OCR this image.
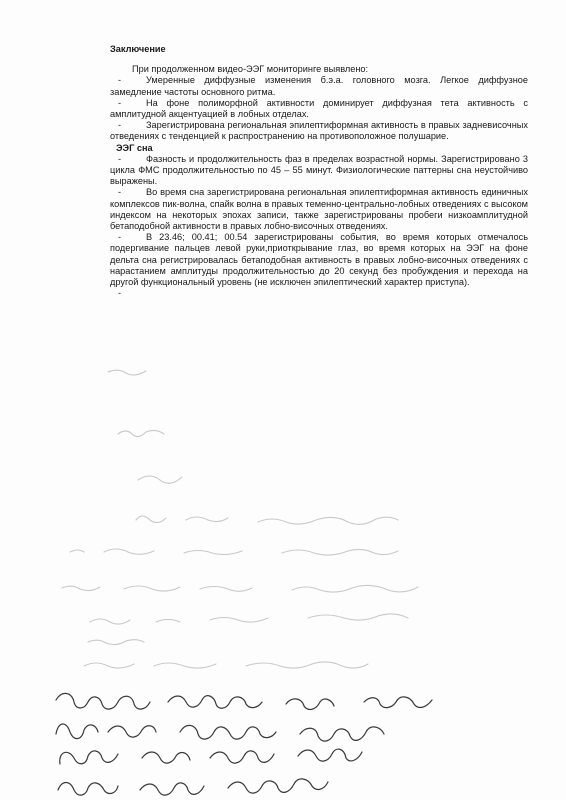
Заключение

При продолженном видео-ЭЭГ мониторинге выявлено:

-	Умеренные диффузные изменения б.э.а. головного мозга. Легкое диффузное замедление частоты основного ритма.

-	На фоне полиморфной активности доминирует диффузная тета активность с амплитудной акцентуацией в лобных отделах.

-	Зарегистрирована региональная эпилептиформная активность в правых задневисочных отведениях с тенденцией к распространению на противоположное полушарие.

ЭЭГ сна

-	Фазность и продолжительность фаз в пределах возрастной нормы. Зарегистрировано 3 цикла ФМС продолжительностью по 45 – 55 минут. Физиологические паттерны сна неустойчиво выражены.

-	Во время сна зарегистрирована региональная эпилептиформная активность единичных комплексов пик-волна, спайк волна в правых теменно-центрально-лобных отведениях с высоком индексом на некоторых эпохах записи, также зарегистрированы пробеги низкоамплитудной бетаподобной активности в правых лобно-височных отведениях.

-	В 23.46; 00.41; 00.54 зарегистрированы события, во время которых отмечалось подергивание пальцев левой руки,приоткрывание глаз, во время которых на ЭЭГ на фоне дельта сна регистрировалась бетаподобная активность в правых лобно-височных отведениях с нарастанием амплитуды продолжительностью до 20 секунд без пробуждения и перехода на другой функциональный уровень (не исключен эпилептический характер приступа).

-
